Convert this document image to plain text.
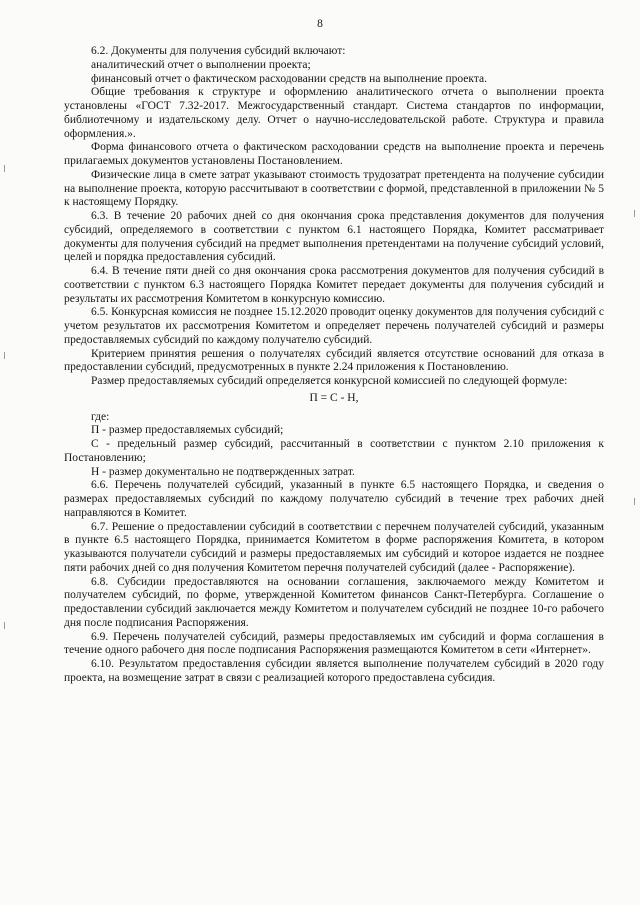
8

6.2. Документы для получения субсидий включают:

аналитический отчет о выполнении проекта;

финансовый отчет о фактическом расходовании средств на выполнение проекта.

Общие требования к структуре и оформлению аналитического отчета о выполнении проекта установлены «ГОСТ 7.32-2017. Межгосударственный стандарт. Система стандартов по информации, библиотечному и издательскому делу. Отчет о научно-исследовательской работе. Структура и правила оформления.».

Форма финансового отчета о фактическом расходовании средств на выполнение проекта и перечень прилагаемых документов установлены Постановлением.

Физические лица в смете затрат указывают стоимость трудозатрат претендента на получение субсидии на выполнение проекта, которую рассчитывают в соответствии с формой, представленной в приложении № 5 к настоящему Порядку.

6.3. В течение 20 рабочих дней со дня окончания срока представления документов для получения субсидий, определяемого в соответствии с пунктом 6.1 настоящего Порядка, Комитет рассматривает документы для получения субсидий на предмет выполнения претендентами на получение субсидий условий, целей и порядка предоставления субсидий.

6.4. В течение пяти дней со дня окончания срока рассмотрения документов для получения субсидий в соответствии с пунктом 6.3 настоящего Порядка Комитет передает документы для получения субсидий и результаты их рассмотрения Комитетом в конкурсную комиссию.

6.5. Конкурсная комиссия не позднее 15.12.2020 проводит оценку документов для получения субсидий с учетом результатов их рассмотрения Комитетом и определяет перечень получателей субсидий и размеры предоставляемых субсидий по каждому получателю субсидий.

Критерием принятия решения о получателях субсидий является отсутствие оснований для отказа в предоставлении субсидий, предусмотренных в пункте 2.24 приложения к Постановлению.

Размер предоставляемых субсидий определяется конкурсной комиссией по следующей формуле:

П = С - Н,

где:

П - размер предоставляемых субсидий;

С - предельный размер субсидий, рассчитанный в соответствии с пунктом 2.10 приложения к Постановлению;

Н - размер документально не подтвержденных затрат.

6.6. Перечень получателей субсидий, указанный в пункте 6.5 настоящего Порядка, и сведения о размерах предоставляемых субсидий по каждому получателю субсидий в течение трех рабочих дней направляются в Комитет.

6.7. Решение о предоставлении субсидий в соответствии с перечнем получателей субсидий, указанным в пункте 6.5 настоящего Порядка, принимается Комитетом в форме распоряжения Комитета, в котором указываются получатели субсидий и размеры предоставляемых им субсидий и которое издается не позднее пяти рабочих дней со дня получения Комитетом перечня получателей субсидий (далее - Распоряжение).

6.8. Субсидии предоставляются на основании соглашения, заключаемого между Комитетом и получателем субсидий, по форме, утвержденной Комитетом финансов Санкт-Петербурга. Соглашение о предоставлении субсидий заключается между Комитетом и получателем субсидий не позднее 10-го рабочего дня после подписания Распоряжения.

6.9. Перечень получателей субсидий, размеры предоставляемых им субсидий и форма соглашения в течение одного рабочего дня после подписания Распоряжения размещаются Комитетом в сети «Интернет».

6.10. Результатом предоставления субсидии является выполнение получателем субсидий в 2020 году проекта, на возмещение затрат в связи с реализацией которого предоставлена субсидия.
